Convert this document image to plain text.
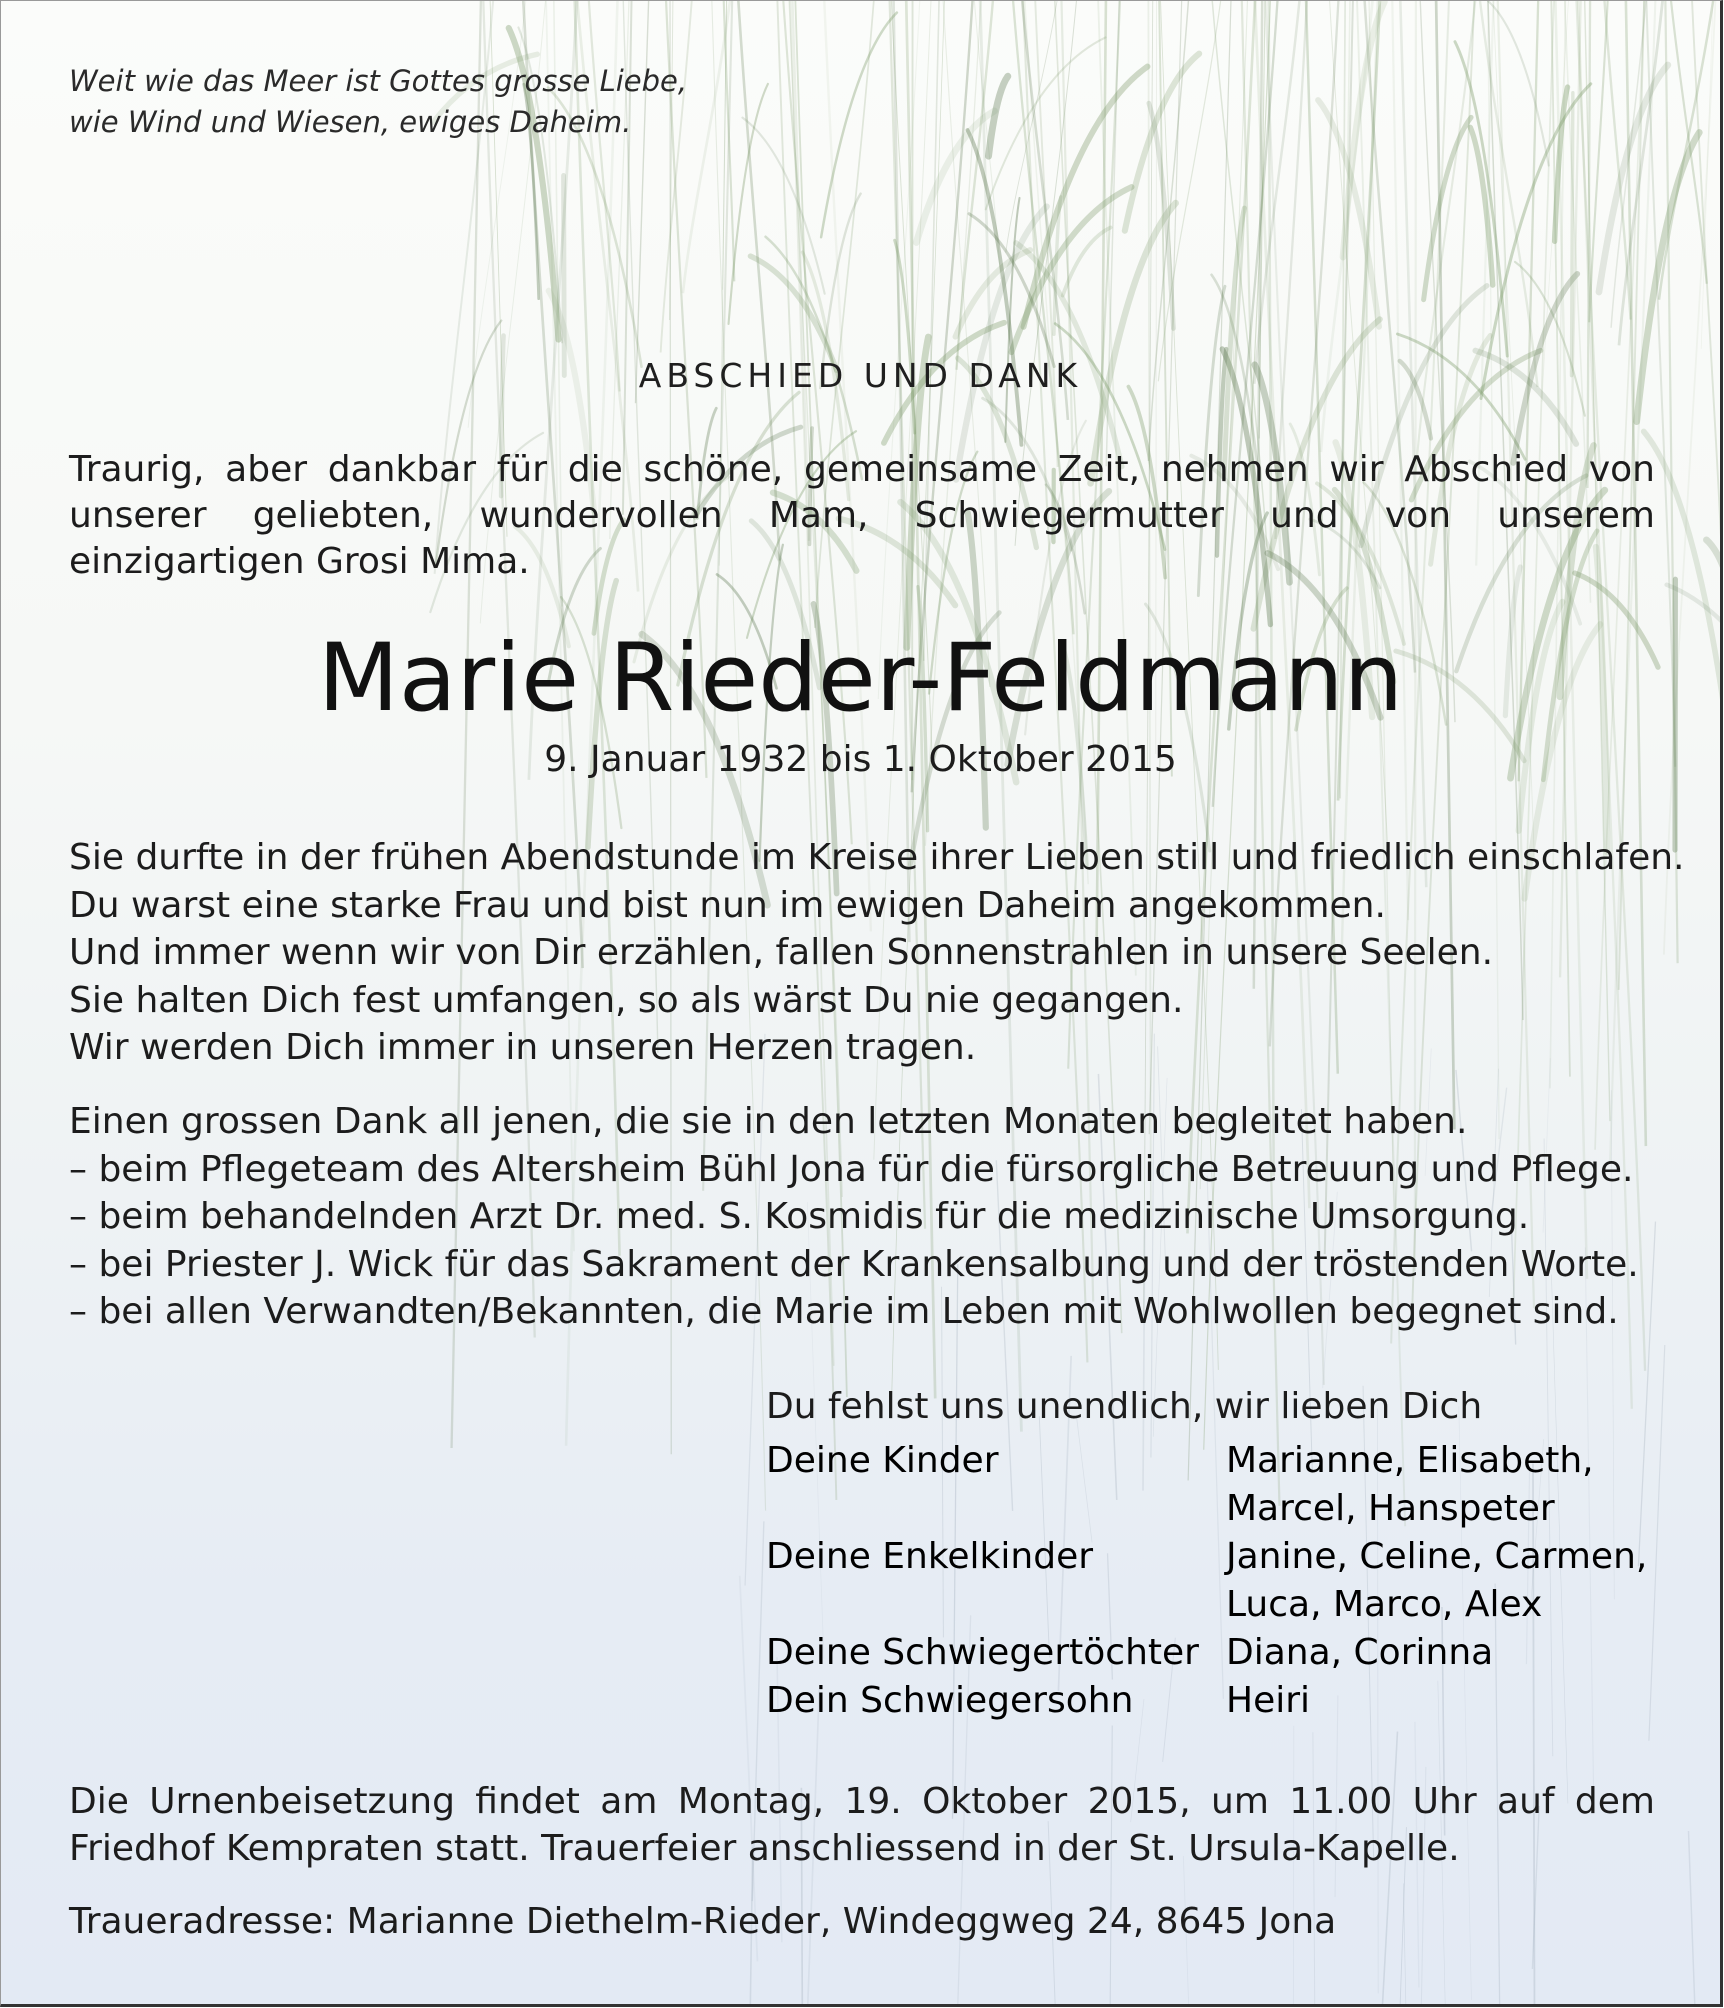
Weit wie das Meer ist Gottes grosse Liebe,
wie Wind und Wiesen, ewiges Daheim.
ABSCHIED UND DANK

Traurig, aber dankbar für die schöne, gemeinsame Zeit, nehmen wir Abschied von unserer geliebten, wundervollen Mam, Schwiegermutter und von unserem einzigartigen Grosi Mima.

Marie Rieder-Feldmann
9. Januar 1932 bis 1. Oktober 2015
Sie durfte in der frühen Abendstunde im Kreise ihrer Lieben still und friedlich einschlafen.
Du warst eine starke Frau und bist nun im ewigen Daheim angekommen.
Und immer wenn wir von Dir erzählen, fallen Sonnenstrahlen in unsere Seelen.
Sie halten Dich fest umfangen, so als wärst Du nie gegangen.
Wir werden Dich immer in unseren Herzen tragen.
Einen grossen Dank all jenen, die sie in den letzten Monaten begleitet haben.
– beim Pflegeteam des Altersheim Bühl Jona für die fürsorgliche Betreuung und Pflege.
– beim behandelnden Arzt Dr. med. S. Kosmidis für die medizinische Umsorgung.
– bei Priester J. Wick für das Sakrament der Krankensalbung und der tröstenden Worte.
– bei allen Verwandten/Bekannten, die Marie im Leben mit Wohlwollen begegnet sind.
Du fehlst uns unendlich, wir lieben Dich
Deine Kinder	Marianne, Elisabeth,
Marcel, Hanspeter
Deine Enkelkinder	Janine, Celine, Carmen,
Luca, Marco, Alex
Deine Schwiegertöchter Diana, Corinna
Dein Schwiegersohn	Heiri

Die Urnenbeisetzung findet am Montag, 19. Oktober 2015, um 11.00 Uhr auf dem Friedhof Kempraten statt. Trauerfeier anschliessend in der St. Ursula-Kapelle.

Traueradresse: Marianne Diethelm-Rieder, Windeggweg 24, 8645 Jona
